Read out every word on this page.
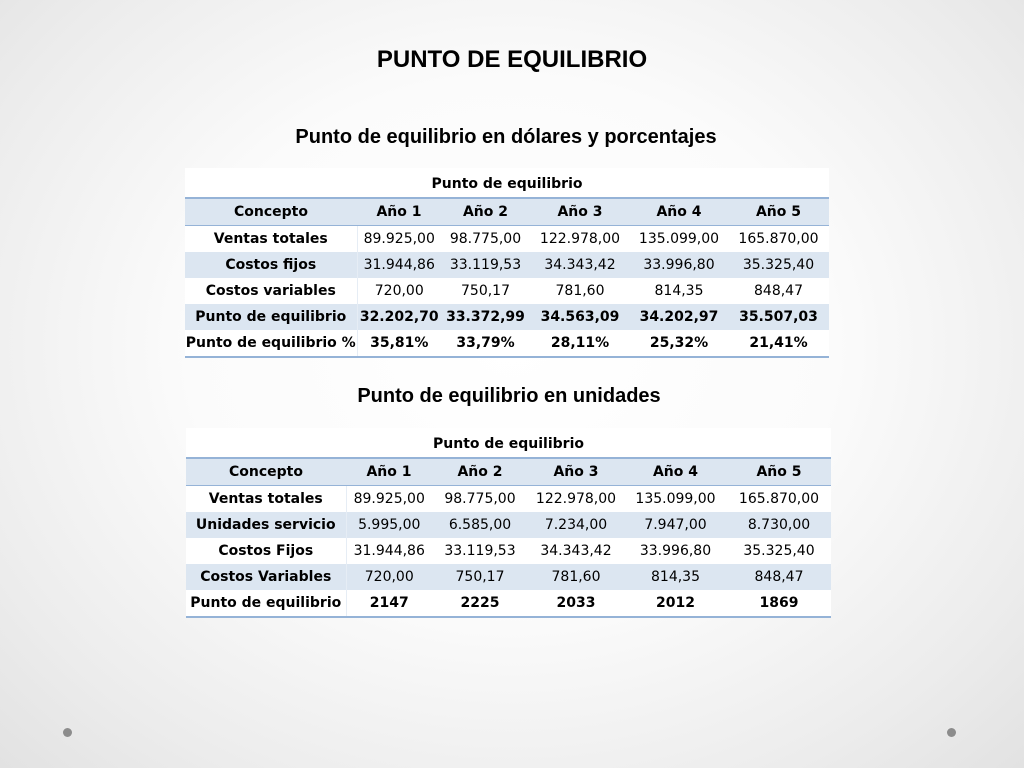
PUNTO DE EQUILIBRIO
Punto de equilibrio en dólares y porcentajes
Punto de equilibrio
Concepto	Año 1	Año 2	Año 3	Año 4	Año 5
Ventas totales	89.925,00	98.775,00	122.978,00	135.099,00	165.870,00
Costos fijos	31.944,86	33.119,53	34.343,42	33.996,80	35.325,40
Costos variables	720,00	750,17	781,60	814,35	848,47
Punto de equilibrio	32.202,70	33.372,99	34.563,09	34.202,97	35.507,03
Punto de equilibrio %	35,81%	33,79%	28,11%	25,32%	21,41%
Punto de equilibrio en unidades
Punto de equilibrio
Concepto	Año 1	Año 2	Año 3	Año 4	Año 5
Ventas totales	89.925,00	98.775,00	122.978,00	135.099,00	165.870,00
Unidades servicio	5.995,00	6.585,00	7.234,00	7.947,00	8.730,00
Costos Fijos	31.944,86	33.119,53	34.343,42	33.996,80	35.325,40
Costos Variables	720,00	750,17	781,60	814,35	848,47
Punto de equilibrio	2147	2225	2033	2012	1869
